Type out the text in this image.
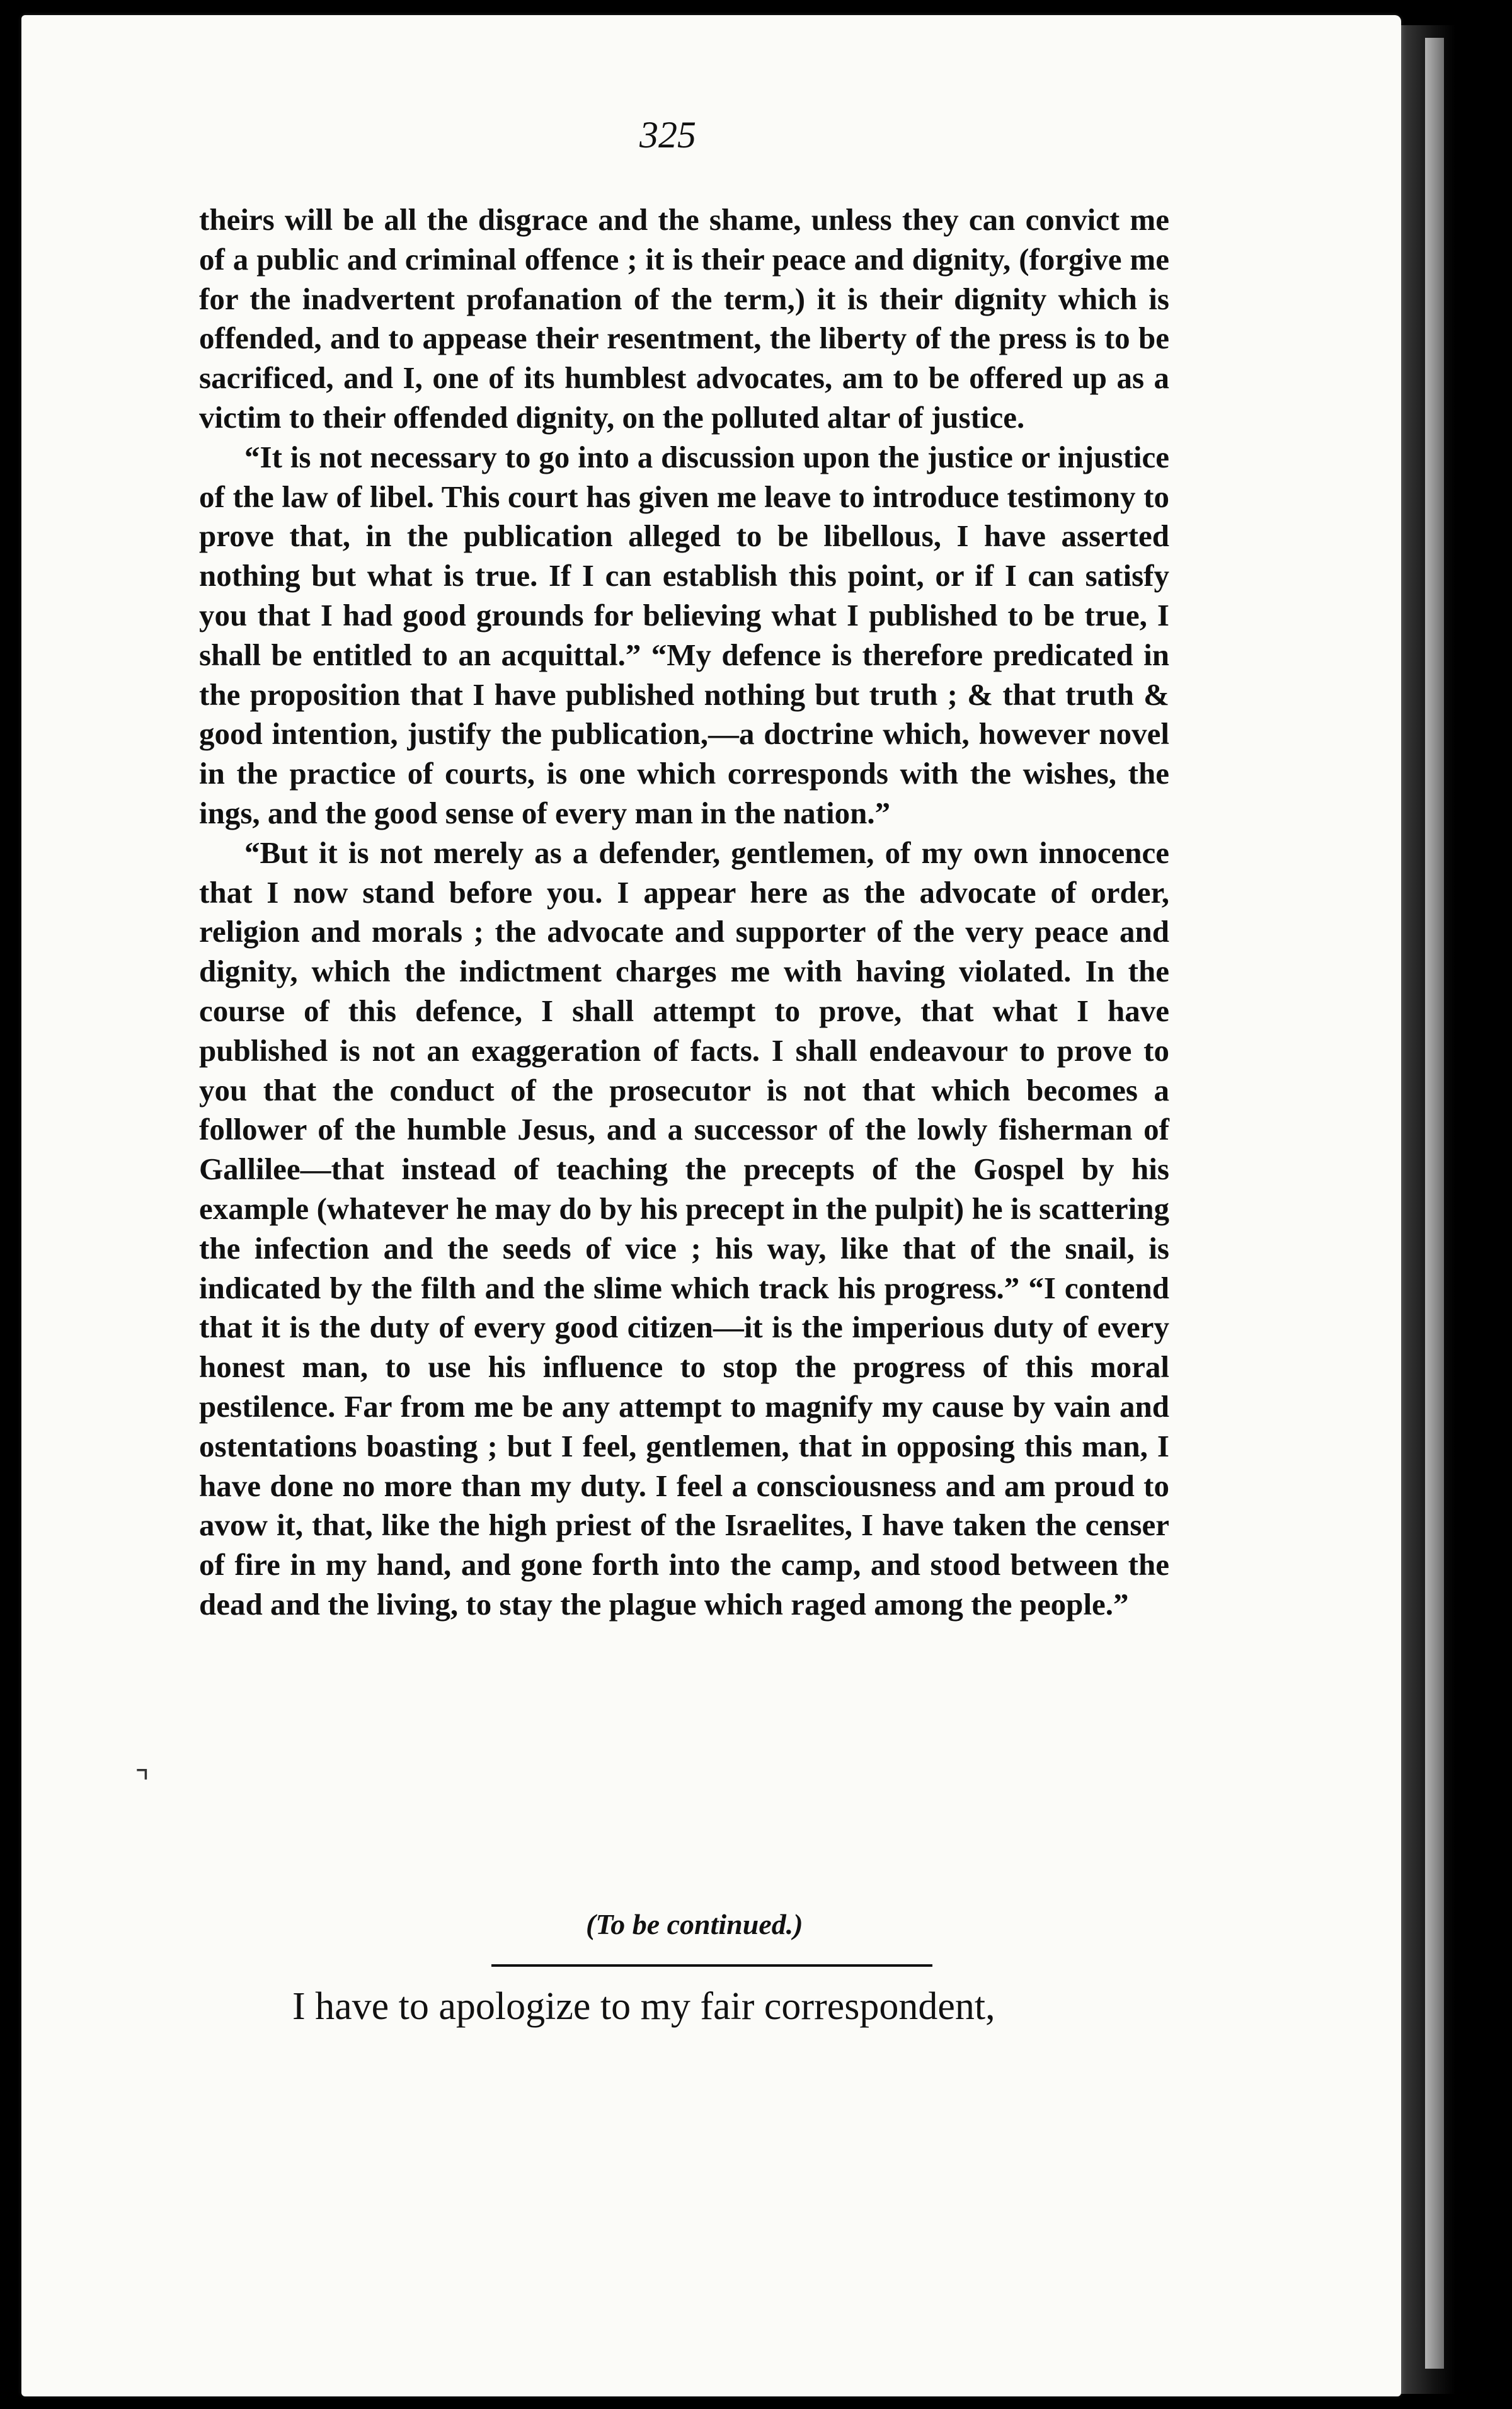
325

theirs will be all the disgrace and the shame, unless they can convict me of a public and criminal offence ; it is their peace and dignity, (forgive me for the inadvertent profanation of the term,) it is their dignity which is offended, and to appease their resentment, the liberty of the press is to be sacrificed, and I, one of its humblest advocates, am to be offered up as a victim to their offended dignity, on the polluted altar of justice.

“It is not necessary to go into a discussion upon the justice or injustice of the law of libel. This court has given me leave to introduce testimony to prove that, in the publication alleged to be libellous, I have asserted nothing but what is true. If I can establish this point, or if I can satisfy you that I had good grounds for believing what I published to be true, I shall be entitled to an acquittal.” “My defence is therefore predicated in the proposition that I have published nothing but truth ; & that truth & good intention, justify the publication,—a doctrine which, however novel in the practice of courts, is one which corresponds with the wishes, the ings, and the good sense of every man in the nation.”

“But it is not merely as a defender, gentlemen, of my own innocence that I now stand before you. I appear here as the advocate of order, religion and morals ; the advocate and supporter of the very peace and dignity, which the indictment charges me with having violated. In the course of this defence, I shall attempt to prove, that what I have published is not an exaggeration of facts. I shall endeavour to prove to you that the conduct of the prosecutor is not that which becomes a follower of the humble Jesus, and a successor of the lowly fisherman of Gallilee—that instead of teaching the precepts of the Gospel by his example (whatever he may do by his precept in the pulpit) he is scattering the infection and the seeds of vice ; his way, like that of the snail, is indicated by the filth and the slime which track his progress.” “I contend that it is the duty of every good citizen—it is the imperious duty of every honest man, to use his influence to stop the progress of this moral pestilence. Far from me be any attempt to magnify my cause by vain and ostentations boasting ; but I feel, gentlemen, that in opposing this man, I have done no more than my duty. I feel a consciousness and am proud to avow it, that, like the high priest of the Israelites, I have taken the censer of fire in my hand, and gone forth into the camp, and stood between the dead and the living, to stay the plague which raged among the people.”

(To be continued.)
I have to apologize to my fair correspondent,
⌝
